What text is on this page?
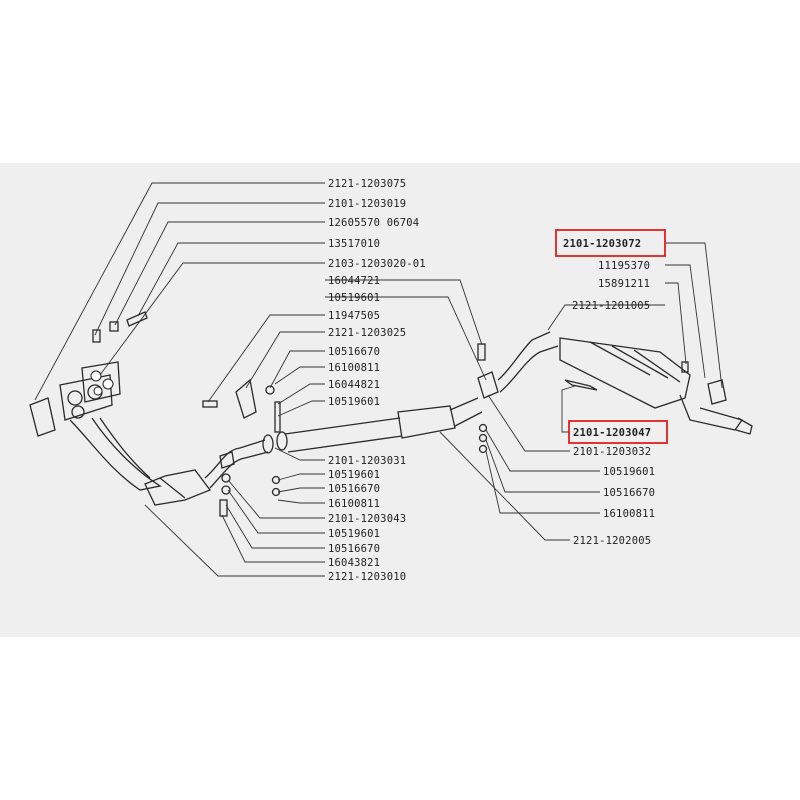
2121-1203075
2101-1203019
12605570 06704
13517010
2103-1203020-01
16044721
10519601
11947505
2121-1203025
10516670
16100811
16044821
10519601
2101-1203031
10519601
10516670
16100811
2101-1203043
10519601
10516670
16043821
2121-1203010
2101-1203072
11195370
15891211
2121-1201005
2101-1203047
2101-1203032
10519601
10516670
16100811
2121-1202005
